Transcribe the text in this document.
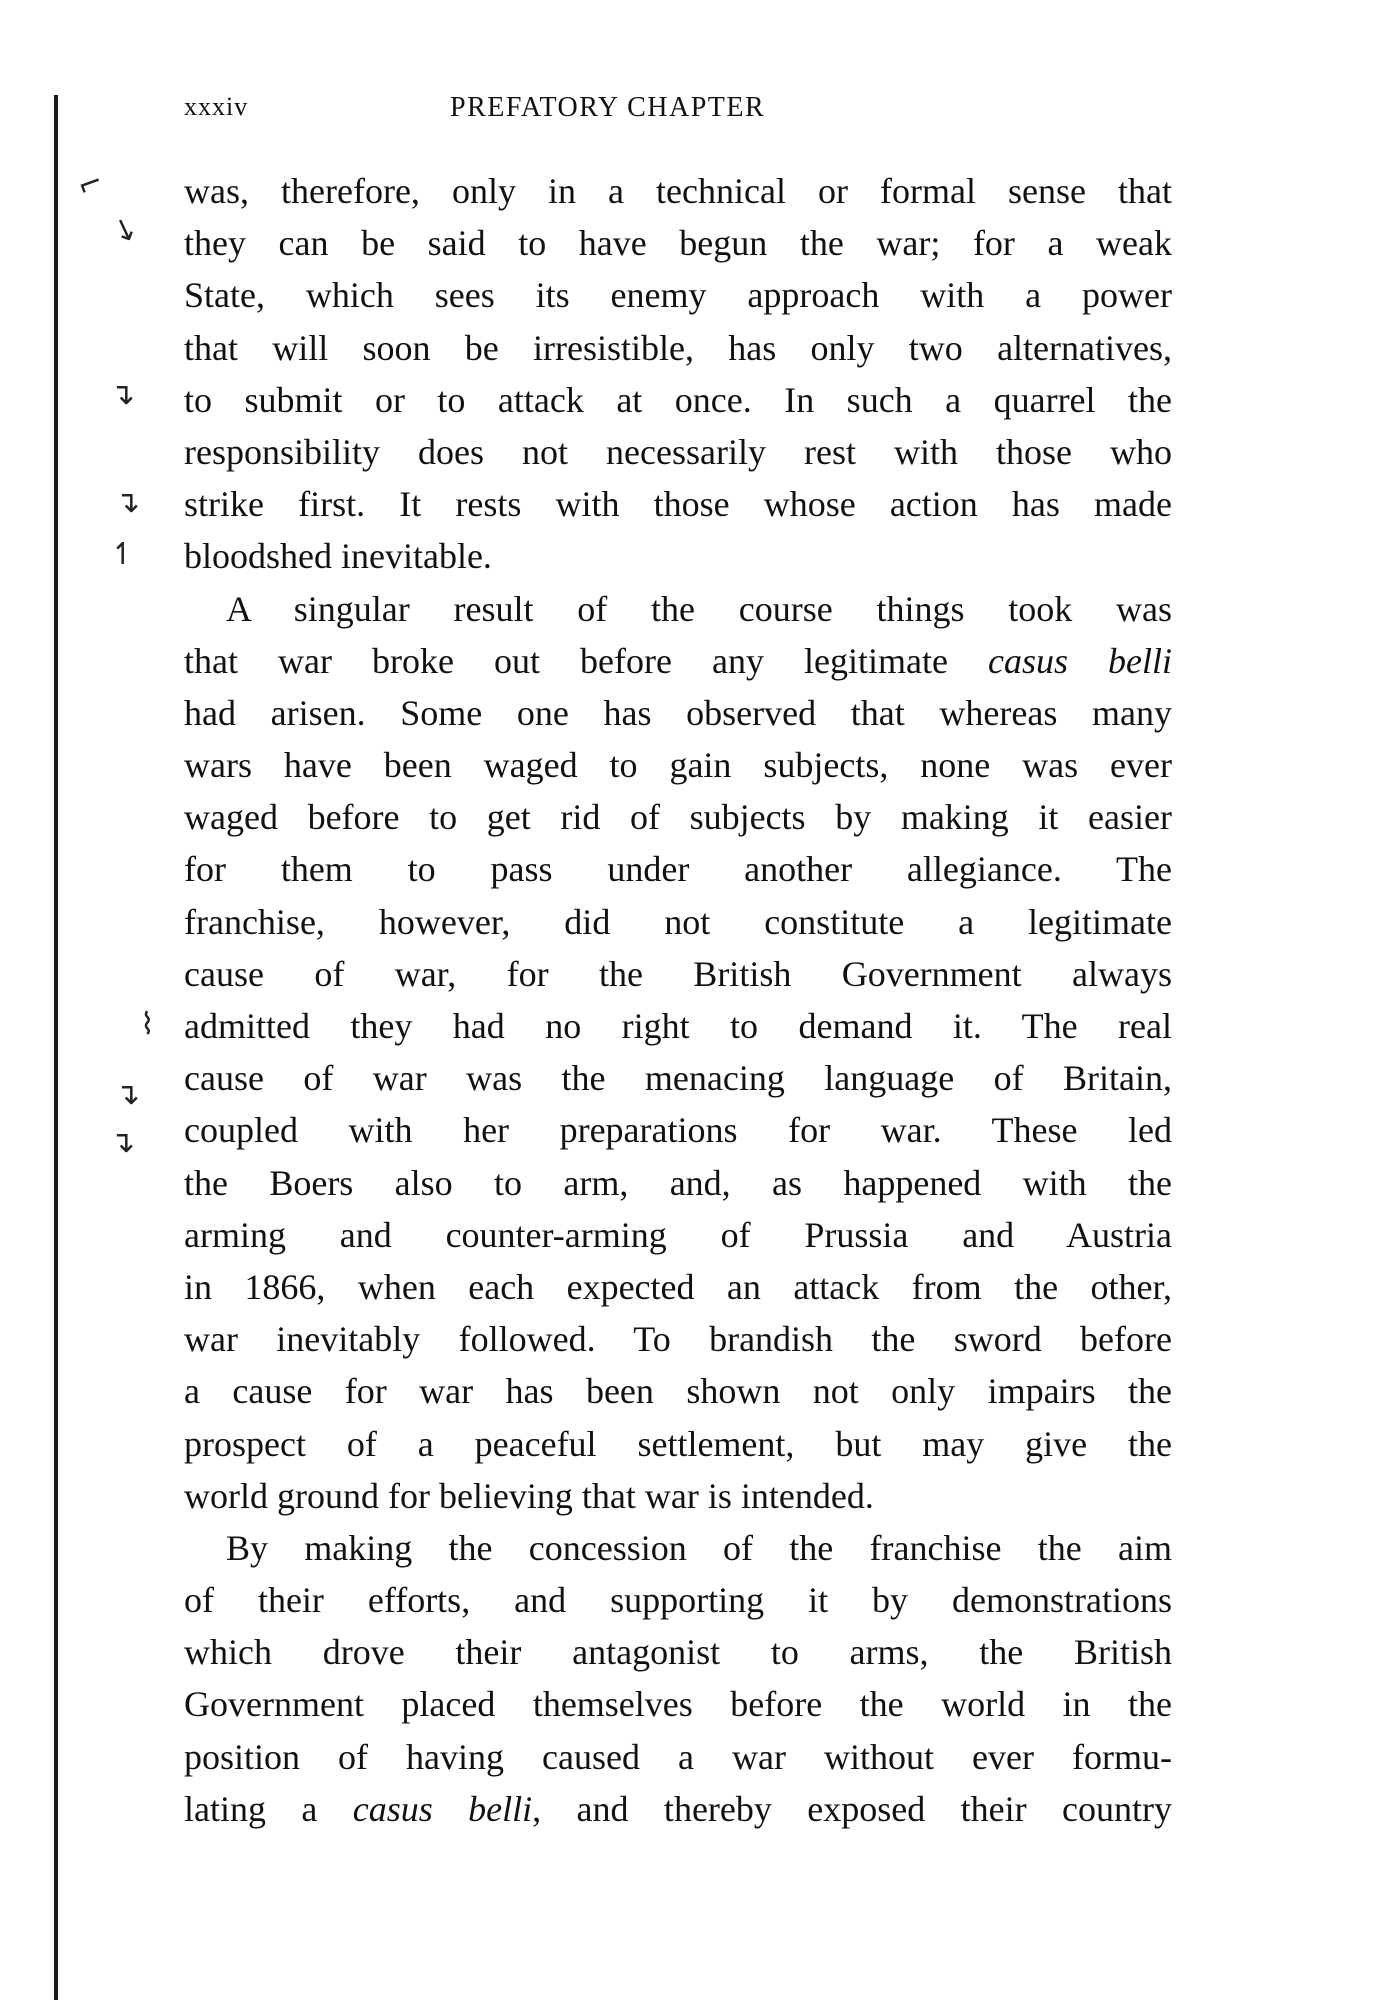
xxxiv	PREFATORY CHAPTER
⌐
↘
↴
↴
↿
⌇
↴
↴
was, therefore, only in a technical or formal sense that
they can be said to have begun the war; for a weak
State, which sees its enemy approach with a power
that will soon be irresistible, has only two alternatives,
to submit or to attack at once. In such a quarrel the
responsibility does not necessarily rest with those who
strike first. It rests with those whose action has made
bloodshed inevitable.
A singular result of the course things took was
that war broke out before any legitimate casus belli
had arisen. Some one has observed that whereas many
wars have been waged to gain subjects, none was ever
waged before to get rid of subjects by making it easier
for them to pass under another allegiance. The
franchise, however, did not constitute a legitimate
cause of war, for the British Government always
admitted they had no right to demand it. The real
cause of war was the menacing language of Britain,
coupled with her preparations for war. These led
the Boers also to arm, and, as happened with the
arming and counter-arming of Prussia and Austria
in 1866, when each expected an attack from the other,
war inevitably followed. To brandish the sword before
a cause for war has been shown not only impairs the
prospect of a peaceful settlement, but may give the
world ground for believing that war is intended.
By making the concession of the franchise the aim
of their efforts, and supporting it by demonstrations
which drove their antagonist to arms, the British
Government placed themselves before the world in the
position of having caused a war without ever formu-
lating a casus belli, and thereby exposed their country
